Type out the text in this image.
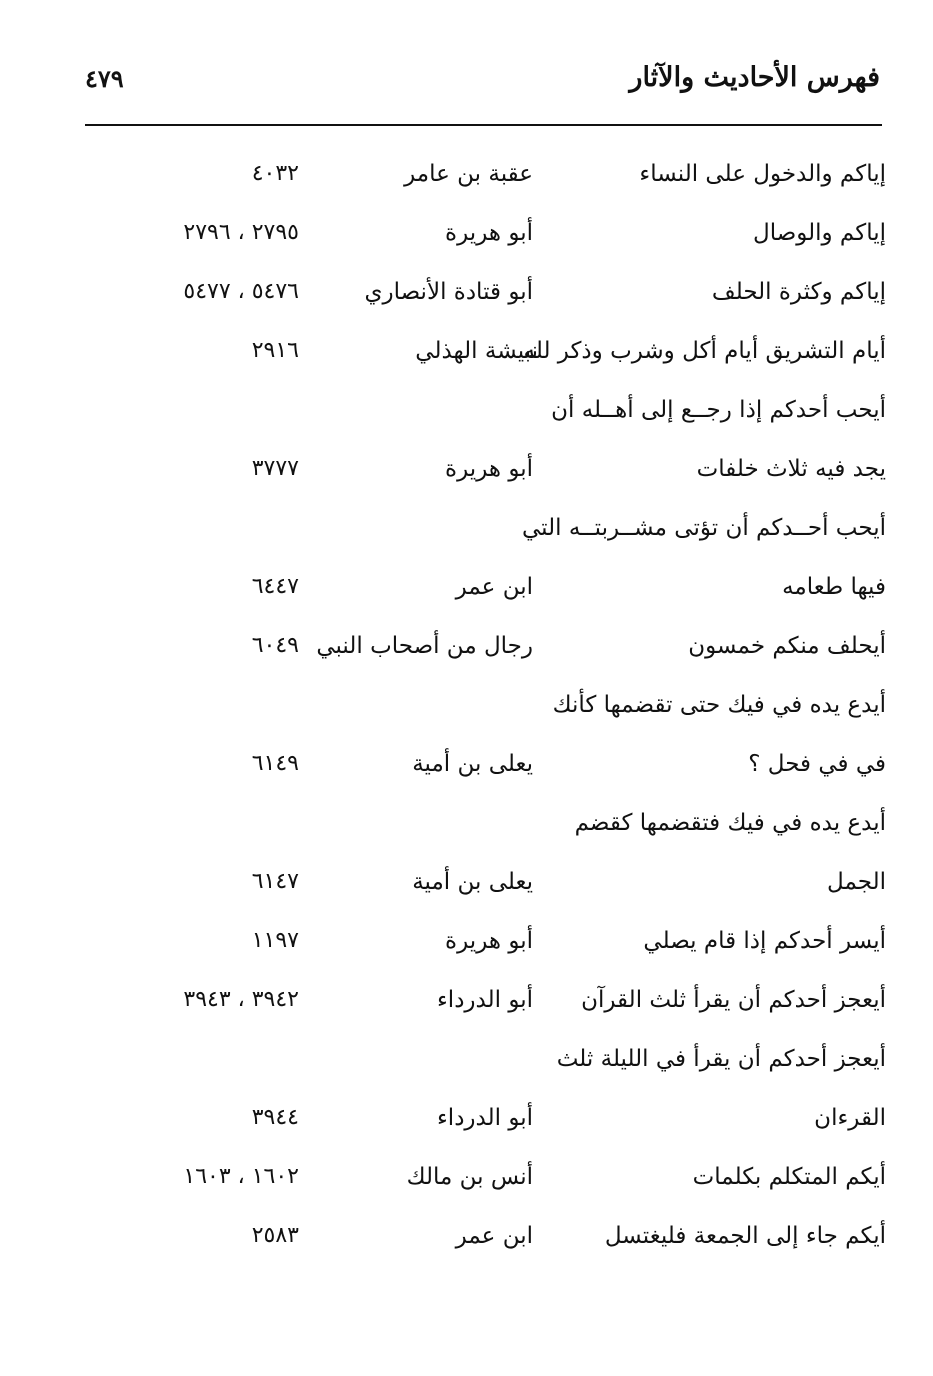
فهرس الأحاديث والآثار
٤٧٩
إياكم والدخول على النساء
عقبة بن عامر
٤٠٣٢
إياكم والوصال
أبو هريرة
٢٧٩٥ ، ٢٧٩٦
إياكم وكثرة الحلف
أبو قتادة الأنصاري
٥٤٧٦ ، ٥٤٧٧
أيام التشريق أيام أكل وشرب وذكر لله
نبيشة الهذلي
٢٩١٦
أيحب أحدكم إذا رجــع إلى أهــله أن
يجد فيه ثلاث خلفات
أبو هريرة
٣٧٧٧
أيحب أحــدكم أن تؤتى مشــربتــه التي
فيها طعامه
ابن عمر
٦٤٤٧
أيحلف منكم خمسون
رجال من أصحاب النبي
٦٠٤٩
أيدع يده في فيك حتى تقضمها كأنك
في في فحل ؟
يعلى بن أمية
٦١٤٩
أيدع يده في فيك فتقضمها كقضم
الجمل
يعلى بن أمية
٦١٤٧
أيسر أحدكم إذا قام يصلي
أبو هريرة
١١٩٧
أيعجز أحدكم أن يقرأ ثلث القرآن
أبو الدرداء
٣٩٤٢ ، ٣٩٤٣
أيعجز أحدكم أن يقرأ في الليلة ثلث
القرءان
أبو الدرداء
٣٩٤٤
أيكم المتكلم بكلمات
أنس بن مالك
١٦٠٢ ، ١٦٠٣
أيكم جاء إلى الجمعة فليغتسل
ابن عمر
٢٥٨٣
